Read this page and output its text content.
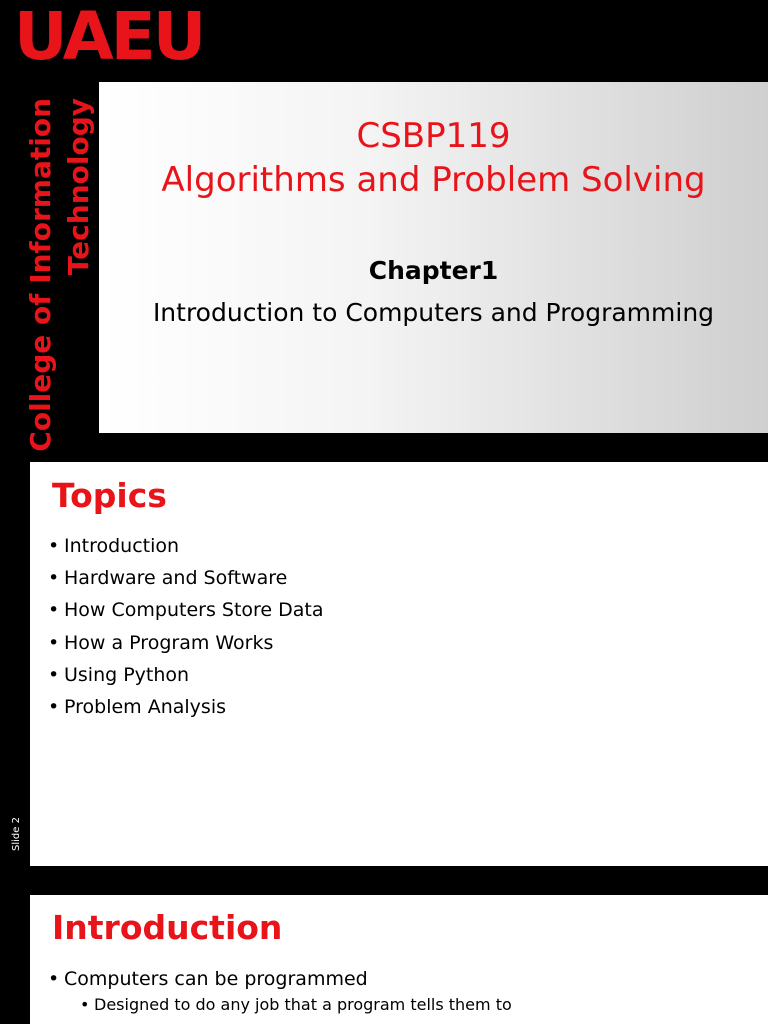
UAEU
College of Information Technology	CSBP119
Algorithms and Problem Solving
Chapter1
Introduction to Computers and Programming
Topics
• Introduction
• Hardware and Software
• How Computers Store Data
• How a Program Works
• Using Python
• Problem Analysis
Slide 2
Introduction
• Computers can be programmed
• Designed to do any job that a program tells them to
